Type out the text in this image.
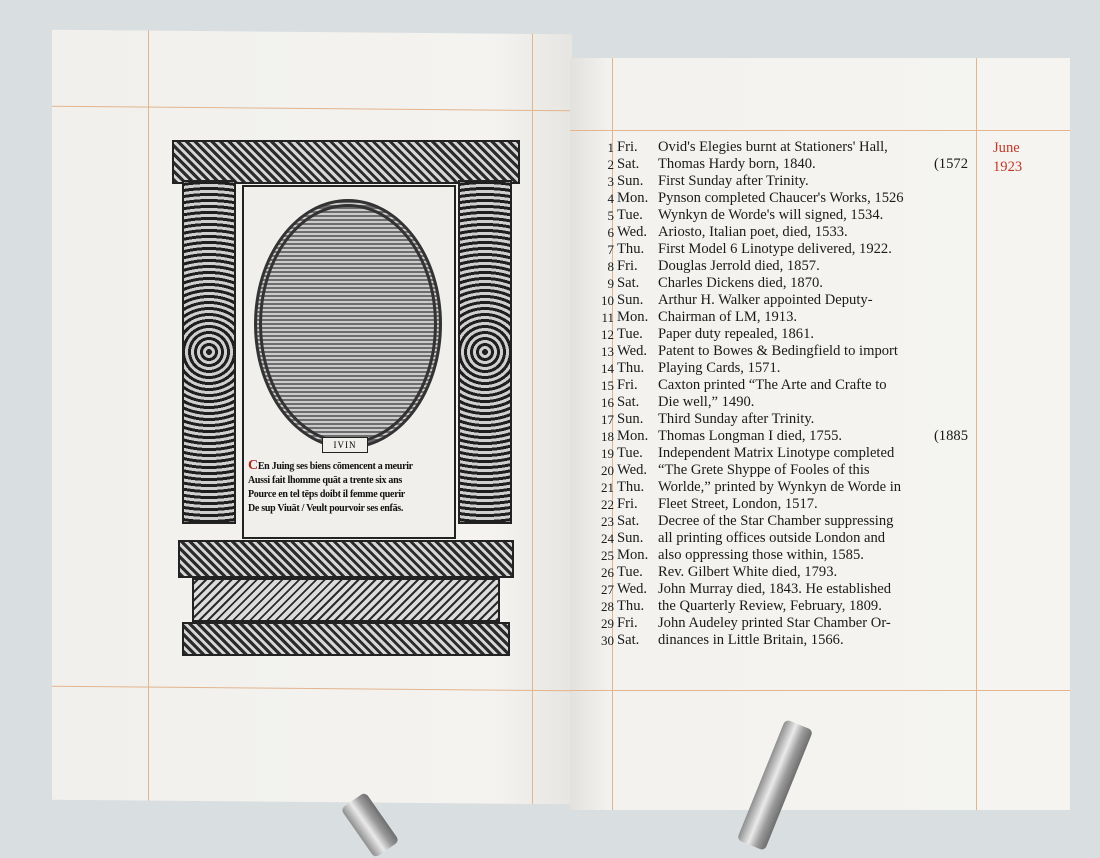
IVIN
CEn Juing ses biens cōmencent a meurir
Aussi fait lhomme quāt a trente six ans
Pource en tel tēps doibt il femme querir
De sup Viuāt / Veult pourvoir ses enfās.
1 Fri. Ovid's Elegies burnt at Stationers' Hall,
2 Sat. Thomas Hardy born, 1840.	(1572
3 Sun. First Sunday after Trinity.
4 Mon. Pynson completed Chaucer's Works, 1526
5 Tue. Wynkyn de Worde's will signed, 1534.
6 Wed. Ariosto, Italian poet, died, 1533.
7 Thu. First Model 6 Linotype delivered, 1922.
8 Fri. Douglas Jerrold died, 1857.
9 Sat. Charles Dickens died, 1870.
10 Sun. Arthur H. Walker appointed Deputy-
11 Mon. Chairman of LM, 1913.
12 Tue. Paper duty repealed, 1861.
13 Wed. Patent to Bowes & Bedingfield to import
14 Thu. Playing Cards, 1571.
15 Fri. Caxton printed “The Arte and Crafte to
16 Sat. Die well,” 1490.
17 Sun. Third Sunday after Trinity.
18 Mon. Thomas Longman I died, 1755.	(1885
19 Tue. Independent Matrix Linotype completed
20 Wed. “The Grete Shyppe of Fooles of this
21 Thu. Worlde,” printed by Wynkyn de Worde in
22 Fri. Fleet Street, London, 1517.
23 Sat. Decree of the Star Chamber suppressing
24 Sun. all printing offices outside London and
25 Mon. also oppressing those within, 1585.
26 Tue. Rev. Gilbert White died, 1793.
27 Wed. John Murray died, 1843. He established
28 Thu. the Quarterly Review, February, 1809.
29 Fri. John Audeley printed Star Chamber Or-
30 Sat. dinances in Little Britain, 1566.
June
1923
